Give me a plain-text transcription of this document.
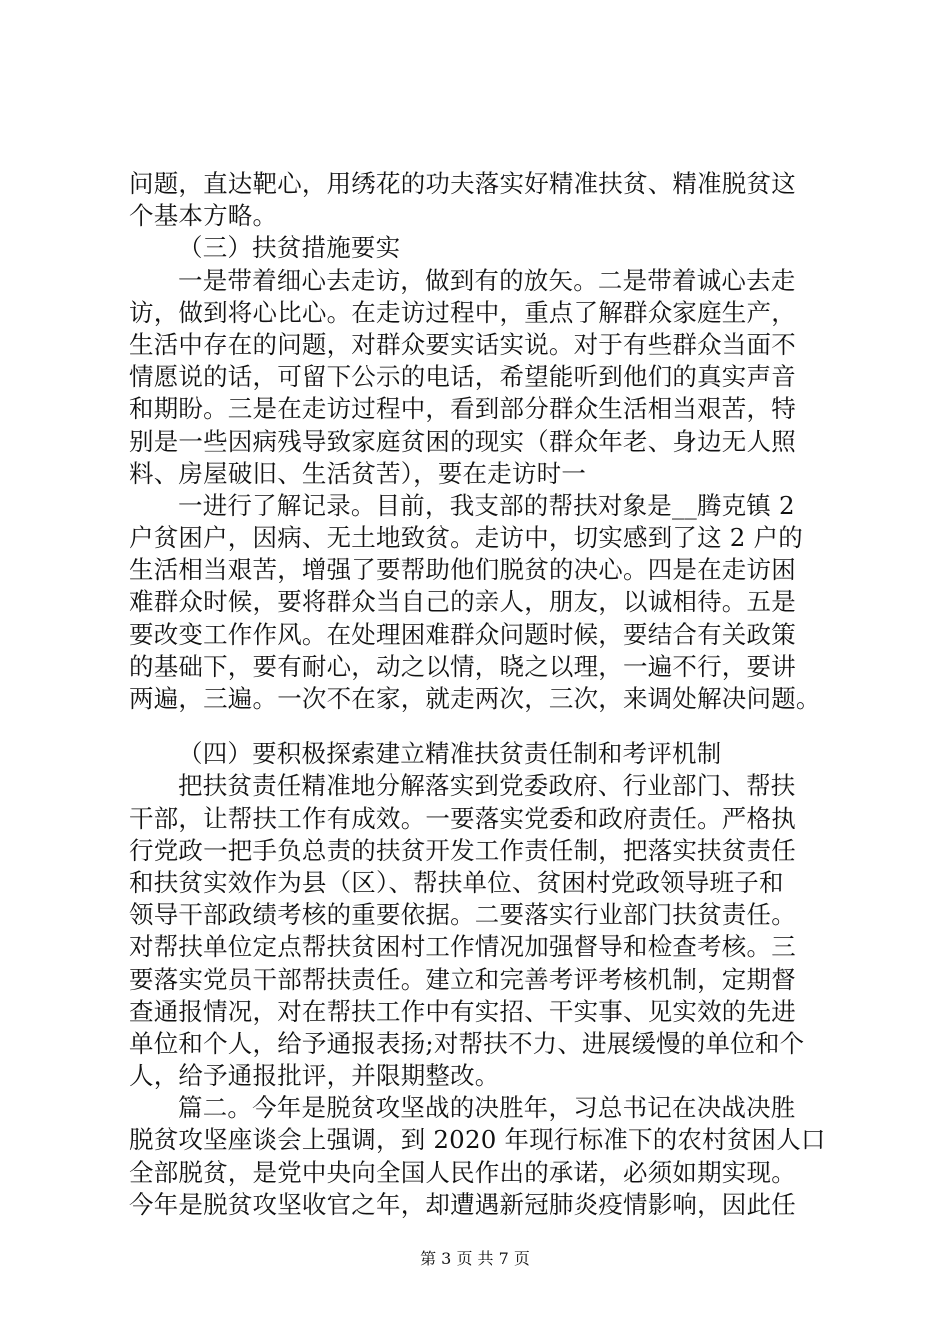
问题，直达靶心，用绣花的功夫落实好精准扶贫、精准脱贫这
个基本方略。
（三）扶贫措施要实
一是带着细心去走访，做到有的放矢。二是带着诚心去走
访，做到将心比心。在走访过程中，重点了解群众家庭生产，
生活中存在的问题，对群众要实话实说。对于有些群众当面不
情愿说的话，可留下公示的电话，希望能听到他们的真实声音
和期盼。三是在走访过程中，看到部分群众生活相当艰苦，特
别是一些因病残导致家庭贫困的现实（群众年老、身边无人照
料、房屋破旧、生活贫苦），要在走访时一
一进行了解记录。目前，我支部的帮扶对象是__腾克镇 2
户贫困户，因病、无土地致贫。走访中，切实感到了这 2 户的
生活相当艰苦，增强了要帮助他们脱贫的决心。四是在走访困
难群众时候，要将群众当自己的亲人，朋友，以诚相待。五是
要改变工作作风。在处理困难群众问题时候，要结合有关政策
的基础下，要有耐心，动之以情，晓之以理，一遍不行，要讲
两遍，三遍。一次不在家，就走两次，三次，来调处解决问题。
（四）要积极探索建立精准扶贫责任制和考评机制
把扶贫责任精准地分解落实到党委政府、行业部门、帮扶
干部，让帮扶工作有成效。一要落实党委和政府责任。严格执
行党政一把手负总责的扶贫开发工作责任制，把落实扶贫责任
和扶贫实效作为县（区）、帮扶单位、贫困村党政领导班子和
领导干部政绩考核的重要依据。二要落实行业部门扶贫责任。
对帮扶单位定点帮扶贫困村工作情况加强督导和检查考核。三
要落实党员干部帮扶责任。建立和完善考评考核机制，定期督
查通报情况，对在帮扶工作中有实招、干实事、见实效的先进
单位和个人，给予通报表扬;对帮扶不力、进展缓慢的单位和个
人，给予通报批评，并限期整改。
篇二。今年是脱贫攻坚战的决胜年，习总书记在决战决胜
脱贫攻坚座谈会上强调，到 2020 年现行标准下的农村贫困人口
全部脱贫，是党中央向全国人民作出的承诺，必须如期实现。
今年是脱贫攻坚收官之年，却遭遇新冠肺炎疫情影响，因此任
第 3 页 共 7 页
